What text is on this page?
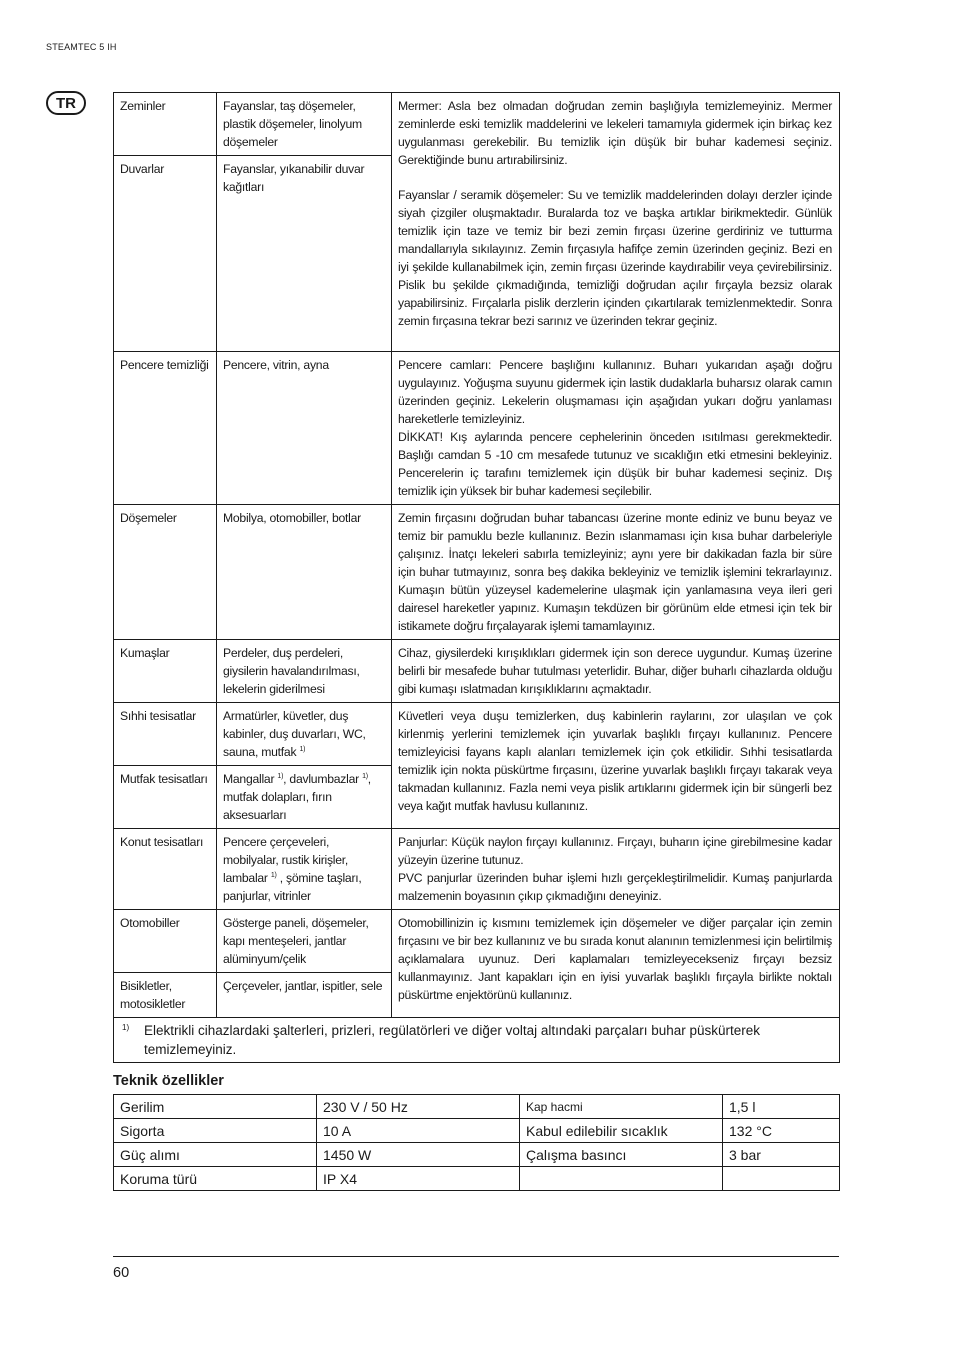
STEAMTEC 5 IH
TR	Zeminler	Fayanslar, taş döşemeler, plastik döşemeler, linolyum döşemeler	Mermer: Asla bez olmadan doğrudan zemin başlığıyla temizlemeyiniz. Mermer zeminlerde eski temizlik maddelerini ve lekeleri tamamıyla gidermek için birkaç kez uygulanması gerekebilir. Bu temizlik için düşük bir buhar kademesi seçiniz. Gerektiğinde bunu artırabilirsiniz.

Fayanslar / seramik döşemeler: Su ve temizlik maddelerinden dolayı derzler içinde siyah çizgiler oluşmaktadır. Buralarda toz ve başka artıklar birikmektedir. Günlük temizlik için taze ve temiz bir bezi zemin fırçası üzerine gerdiriniz ve tutturma mandallarıyla sıkılayınız. Zemin fırçasıyla hafifçe zemin üzerinden geçiniz. Bezi en iyi şekilde kullanabilmek için, zemin fırçası üzerinde kaydırabilir veya çevirebilirsiniz. Pislik bu şekilde çıkmadığında, temizliği doğrudan açılır fırçayla bezsiz olarak yapabilirsiniz. Fırçalarla pislik derzlerin içinden çıkartılarak temizlenmektedir. Sonra zemin fırçasına tekrar bezi sarınız ve üzerinden tekrar geçiniz.

Duvarlar	Fayanslar, yıkanabilir duvar kağıtları	
Pencere temizliği	Pencere, vitrin, ayna	Pencere camları: Pencere başlığını kullanınız. Buharı yukarıdan aşağı doğru uygulayınız. Yoğuşma suyunu gidermek için lastik dudaklarla buharsız olarak camın üzerinden geçiniz. Lekelerin oluşmaması için aşağıdan yukarı doğru yanlaması hareketlerle temizleyiniz.

DİKKAT! Kış aylarında pencere cephelerinin önceden ısıtılması gerekmektedir. Başlığı camdan 5 -10 cm mesafede tutunuz ve sıcaklığın etki etmesini bekleyiniz. Pencerelerin iç tarafını temizlemek için düşük bir buhar kademesi seçiniz. Dış temizlik için yüksek bir buhar kademesi seçilebilir.

Döşemeler	Mobilya, otomobiller, botlar	Zemin fırçasını doğrudan buhar tabancası üzerine monte ediniz ve bunu beyaz ve temiz bir pamuklu bezle kullanınız. Bezin ıslanmaması için kısa buhar darbeleriyle çalışınız. İnatçı lekeleri sabırla temizleyiniz; aynı yere bir dakikadan fazla bir süre için buhar tutmayınız, sonra beş dakika bekleyiniz ve temizlik işlemini tekrarlayınız. Kumaşın bütün yüzeysel kademelerine ulaşmak için yanlamasına veya ileri geri dairesel hareketler yapınız. Kumaşın tekdüzen bir görünüm elde etmesi için tek bir istikamete doğru fırçalayarak işlemi tamamlayınız.
Kumaşlar	Perdeler, duş perdeleri, giysilerin havalandırılması, lekelerin giderilmesi	Cihaz, giysilerdeki kırışıklıkları gidermek için son derece uygundur. Kumaş üzerine belirli bir mesafede buhar tutulması yeterlidir. Buhar, diğer buharlı cihazlarda olduğu gibi kumaşı ıslatmadan kırışıklıklarını açmaktadır.
Sıhhi tesisatlar	Armatürler, küvetler, duş kabinler, duş duvarları, WC, sauna, mutfak $^{1)}$	Küvetleri veya duşu temizlerken, duş kabinlerin raylarını, zor ulaşılan ve çok kirlenmiş yerlerini temizlemek için yuvarlak başlıklı fırçayı kullanınız. Pencere temizleyicisi fayans kaplı alanları temizlemek için çok etkilidir. Sıhhi tesisatlarda temizlik için nokta püskürtme fırçasını, üzerine yuvarlak başlıklı fırçayı takarak veya takmadan kullanınız. Fazla nemi veya pislik artıklarını gidermek için bir süngerli bez veya kağıt mutfak havlusu kullanınız.
Mutfak tesisatları	Mangallar $^{1)}$, davlumbazlar $^{1)}$, mutfak dolapları, fırın aksesuarları	
Konut tesisatları	Pencere çerçeveleri, mobilyalar, rustik kirişler, lambalar $^{1)}$ , şömine taşları, panjurlar, vitrinler	Panjurlar: Küçük naylon fırçayı kullanınız. Fırçayı, buharın içine girebilmesine kadar yüzeyin üzerine tutunuz.

PVC panjurlar üzerinden buhar işlemi hızlı gerçekleştirilmelidir. Kumaş panjurlarda malzemenin boyasının çıkıp çıkmadığını deneyiniz.

Otomobiller	Gösterge paneli, döşemeler, kapı menteşeleri, jantlar alüminyum/çelik	Otomobillinizin iç kısmını temizlemek için döşemeler ve diğer parçalar için zemin fırçasını ve bir bez kullanınız ve bu sırada konut alanının temizlenmesi için belirtilmiş açıklamalara uyunuz. Deri kaplamaları temizleyecekseniz fırçayı bezsiz kullanmayınız. Jant kapakları için en iyisi yuvarlak başlıklı fırçayla birlikte noktalı püskürtme enjektörünü kullanınız.
Bisikletler, motosikletler	Çerçeveler, jantlar, ispitler, sele	

1) Elektrikli cihazlardaki şalterleri, prizleri, regülatörleri ve diğer voltaj altındaki parçaları buhar püskürterek temizlemeyiniz.		
Teknik özellikler
Gerilim	230 V / 50 Hz	Kap hacmi	1,5 l
Sigorta	10 A	Kabul edilebilir sıcaklık	132 °C
Güç alımı	1450 W	Çalışma basıncı	3 bar
Koruma türü	IP X4		
60
